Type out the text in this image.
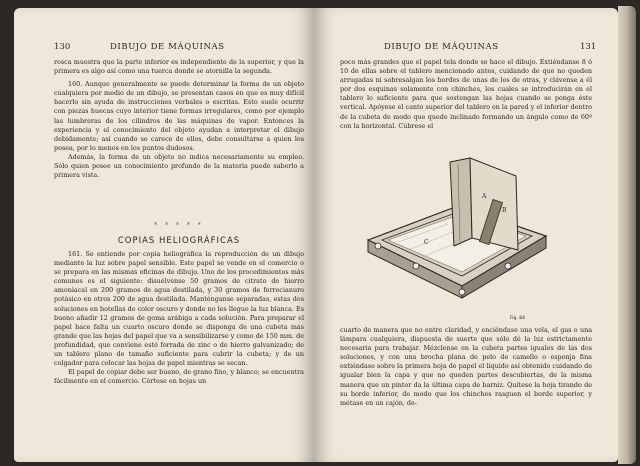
130	DIBUJO DE MÁQUINAS

rosca muestra que la parte inferior es independiente de la superior, y que la primera es algo así como una tuerca donde se atornilla la segunda.

160. Aunque generalmente se puede determinar la forma de un objeto cualquiera por medio de un dibujo, se presentan casos en que es muy difícil hacerlo sin ayuda de instrucciones verbales o escritas. Esto suele ocurrir con piezas huecas cuyo interior tiene formas irregulares, como por ejemplo las lumbreras de los cilindros de las máquinas de vapor. Entonces la experiencia y el conocimiento del objeto ayudan a interpretar el dibujo debidamente; así cuando se carece de ellos, debe consultarse a quien los posea, por lo menos en los puntos dudosos.

Además, la forma de un objeto no indica necesariamente su empleo. Sólo quien posee un conocimiento profundo de la materia puede saberlo a primera vista.

* * * * *
COPIAS HELIOGRÁFICAS

161. Se entiende por copia heliográfica la reproducción de un dibujo mediante la luz sobre papel sensible. Este papel se vende en el comercio o se prepara en las mismas oficinas de dibujo. Uno de los procedimientos más comunes es el siguiente: disuélvense 50 gramos de citrato de hierro amoniacal en 200 gramos de agua destilada, y 30 gramos de ferrocianuro potásico en otros 200 de agua destilada. Manténganse separadas, estas dos soluciones en botellas de color oscuro y donde no les llegue la luz blanca. Es bueno añadir 12 gramos de goma arábiga a cada solución. Para preparar el papel hace falta un cuarto oscuro donde se disponga de una cubeta más grande que las hojas del papel que va a sensibilizarse y como de 150 mm. de profundidad, que conviene esté forrada de zinc o de hierro galvanizado; de un tablero plano de tamaño suficiente para cubrir la cubeta; y de un colgador para colocar las hojas de papel mientras se secan.

El papel de copiar debe ser bueno, de grano fino, y blanco; se encuentra fácilmente en el comercio. Córtese en hojas un

DIBUJO DE MÁQUINAS	131

poco más grandes que el papel tela donde se hace el dibujo. Extiéndanse 8 ó 10 de ellas sobre el tablero mencionado antes, cuidando de que no queden arrugadas ni sobresalgan los bordes de unas de los de otras, y clávense a él por dos esquinas solamente con chinches, los cuales se introducirán en el tablero lo suficiente para que sostengan las hojas cuando se ponga éste vertical. Apóyese el canto superior del tablero en la pared y el inferior dentro de la cubeta de modo que quede inclinado formando un ángulo como de 60º con la horizontal. Cúbrese el

C
A
B
Fig. 84

cuarto de manera que no entre claridad, y enciéndase una vela, el gas o una lámpara cualquiera, dispuesta de suerte que sólo dé la luz estrictamente necesaria para trabajar. Mézclense en la cubeta partes iguales de las dos soluciones, y con una brocha plana de pelo de camello o esponja fina extiéndase sobre la primera hoja de papel el líquido así obtenido cuidando de igualar bien la capa y que no queden partes descubiertas, de la misma manera que un pintor da la última capa de barniz. Quítese la hoja tirando de su borde inferior, de modo que los chinches rasguen el borde superior, y métase en un cajón, de-
